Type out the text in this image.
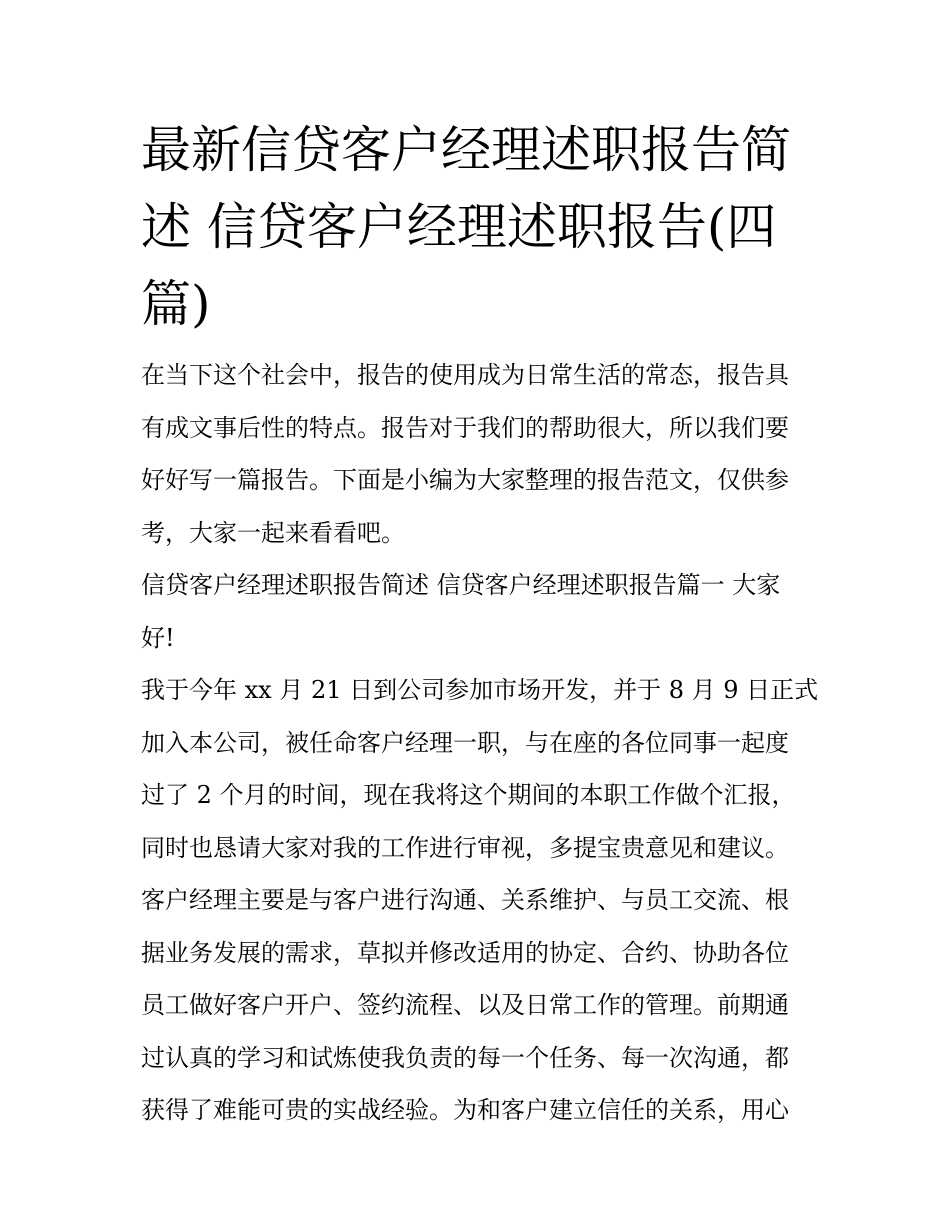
最新信贷客户经理述职报告简
述 信贷客户经理述职报告(四
篇)

在当下这个社会中，报告的使用成为日常生活的常态，报告具
有成文事后性的特点。报告对于我们的帮助很大，所以我们要
好好写一篇报告。下面是小编为大家整理的报告范文，仅供参
考，大家一起来看看吧。

信贷客户经理述职报告简述 信贷客户经理述职报告篇一 大家
好!

我于今年 xx 月 21 日到公司参加市场开发，并于 8 月 9 日正式
加入本公司，被任命客户经理一职，与在座的各位同事一起度
过了 2 个月的时间，现在我将这个期间的本职工作做个汇报，
同时也恳请大家对我的工作进行审视，多提宝贵意见和建议。
客户经理主要是与客户进行沟通、关系维护、与员工交流、根
据业务发展的需求，草拟并修改适用的协定、合约、协助各位
员工做好客户开户、签约流程、以及日常工作的管理。前期通
过认真的学习和试炼使我负责的每一个任务、每一次沟通，都
获得了难能可贵的实战经验。为和客户建立信任的关系，用心
